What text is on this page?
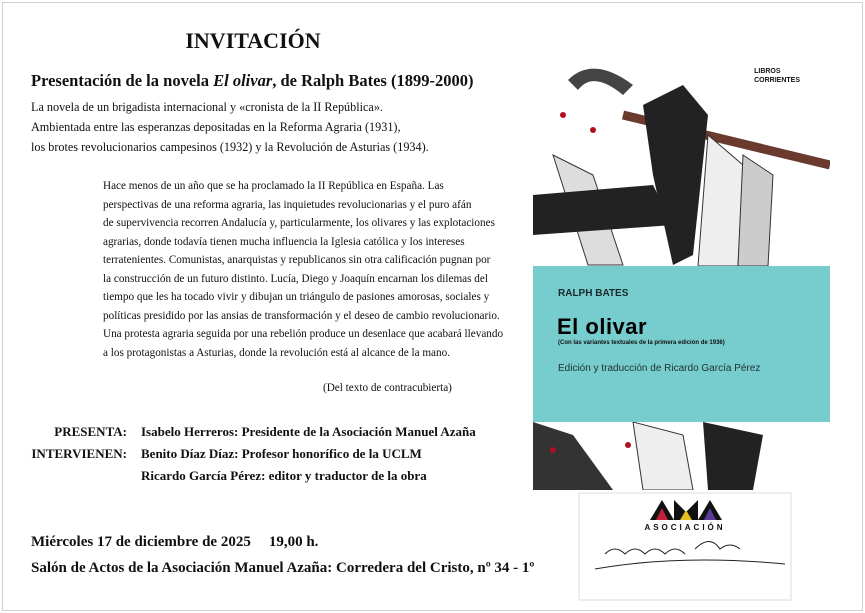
INVITACIÓN
Presentación de la novela El olivar, de Ralph Bates (1899-2000)
La novela de un brigadista internacional y «cronista de la II República».
Ambientada entre las esperanzas depositadas en la Reforma Agraria (1931),
los brotes revolucionarios campesinos (1932) y la Revolución de Asturias (1934).
Hace menos de un año que se ha proclamado la II República en España. Las
perspectivas de una reforma agraria, las inquietudes revolucionarias y el puro afán
de supervivencia recorren Andalucía y, particularmente, los olivares y las explotaciones
agrarias, donde todavía tienen mucha influencia la Iglesia católica y los intereses
terratenientes. Comunistas, anarquistas y republicanos sin otra calificación pugnan por
la construcción de un futuro distinto. Lucía, Diego y Joaquín encarnan los dilemas del
tiempo que les ha tocado vivir y dibujan un triángulo de pasiones amorosas, sociales y
políticas presidido por las ansias de transformación y el deseo de cambio revolucionario.
Una protesta agraria seguida por una rebelión produce un desenlace que acabará llevando
a los protagonistas a Asturias, donde la revolución está al alcance de la mano.
(Del texto de contracubierta)
PRESENTA: Isabelo Herreros: Presidente de la Asociación Manuel Azaña
INTERVIENEN: Benito Díaz Díaz: Profesor honorífico de la UCLM
Ricardo García Pérez: editor y traductor de la obra
Miércoles 17 de diciembre de 2025 19,00 h.
Salón de Actos de la Asociación Manuel Azaña: Corredera del Cristo, nº 34 - 1º
LIBROS
CORRIENTES
RALPH BATES
El olivar
(Con las variantes textuales de la primera edición de 1936)
Edición y traducción de Ricardo García Pérez
ASOCIACIÓN
